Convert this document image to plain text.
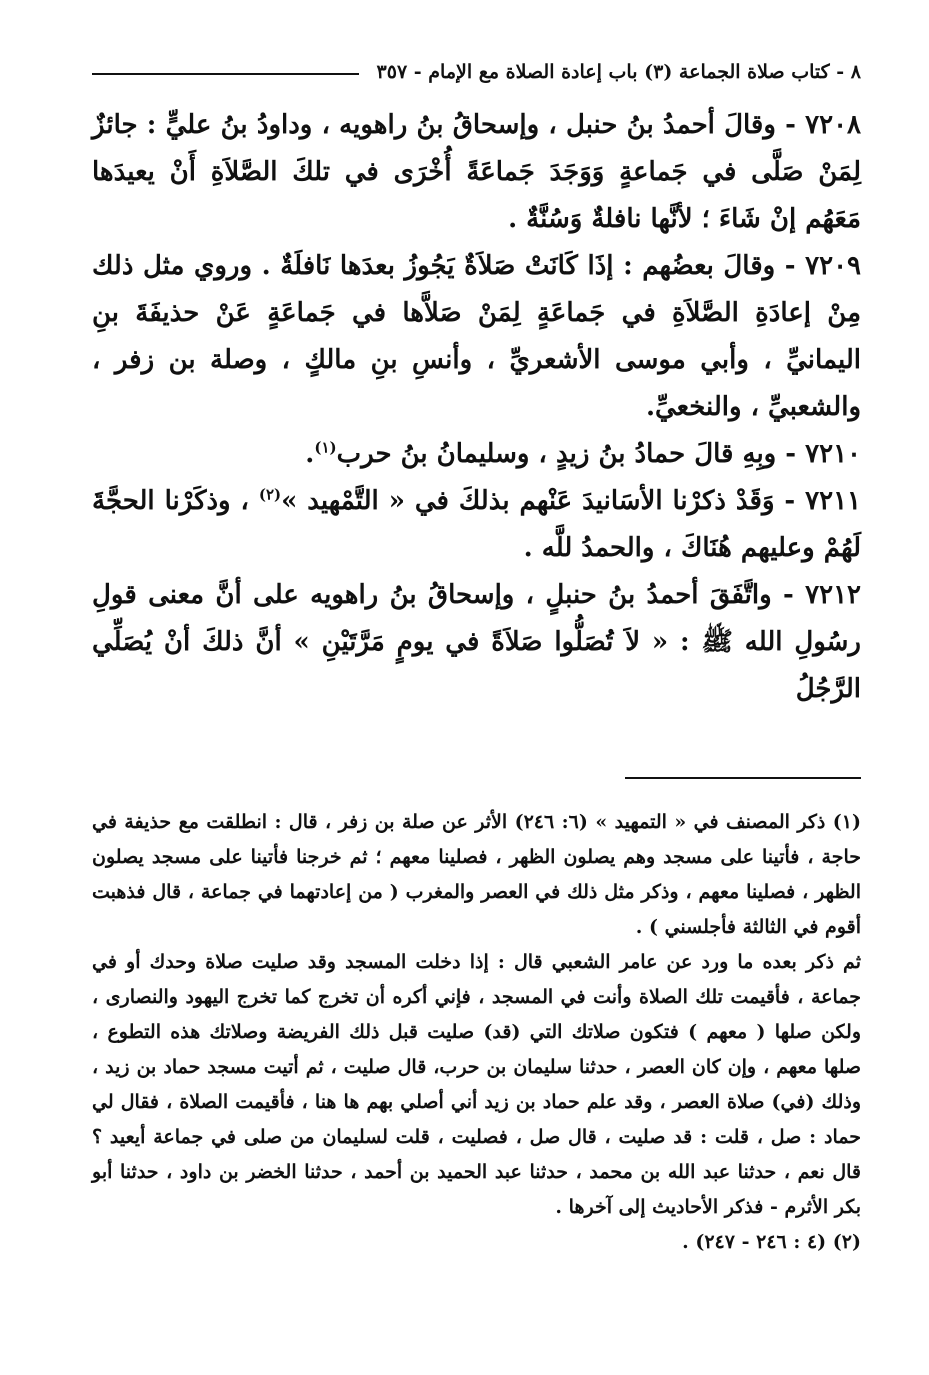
٨ - كتاب صلاة الجماعة (٣) باب إعادة الصلاة مع الإمام - ٣٥٧

٧٢٠٨ - وقالَ أحمدُ بنُ حنبل ، وإسحاقُ بنُ راهويه ، وداودُ بنُ عليٍّ : جائزٌ لِمَنْ صَلَّى في جَماعةٍ وَوَجَدَ جَماعَةً أُخْرَى في تلكَ الصَّلاَةِ أَنْ يعيدَها مَعَهُم إنْ شَاءَ ؛ لأنَّها نافلةٌ وَسُنَّةٌ .

٧٢٠٩ - وقالَ بعضُهم : إذَا كَانَتْ صَلاَةٌ يَجُوزُ بعدَها نَافلَةٌ . وروي مثل ذلك مِنْ إعادَةِ الصَّلاَةِ في جَماعَةٍ لِمَنْ صَلاَّها في جَماعَةٍ عَنْ حذيفَةَ بنِ اليمانيِّ ، وأبي موسى الأشعريِّ ، وأنسِ بنِ مالكٍ ، وصلة بن زفر ، والشعبيِّ ، والنخعيِّ.

٧٢١٠ - وبِهِ قالَ حمادُ بنُ زيدٍ ، وسليمانُ بنُ حرب$^{(١)}$.

٧٢١١ - وَقَدْ ذكرْنا الأسَانيدَ عَنْهم بذلكَ في « التَّمْهيد »$^{(٢)}$ ، وذكَرْنا الحجَّةَ لَهُمْ وعليهم هُنَاكَ ، والحمدُ للَّه .

٧٢١٢ - واتَّفَقَ أحمدُ بنُ حنبلٍ ، وإسحاقُ بنُ راهويه على أنَّ معنى قولِ رسُولِ الله ﷺ : « لاَ تُصَلُّوا صَلاَةً في يومٍ مَرَّتَيْنِ » أنَّ ذلكَ أنْ يُصَلِّي الرَّجُلُ

(١) ذكر المصنف في « التمهيد » (٦: ٢٤٦) الأثر عن صلة بن زفر ، قال : انطلقت مع حذيفة في حاجة ، فأتينا على مسجد وهم يصلون الظهر ، فصلينا معهم ؛ ثم خرجنا فأتينا على مسجد يصلون الظهر ، فصلينا معهم ، وذكر مثل ذلك في العصر والمغرب ( من إعادتهما في جماعة ، قال فذهبت أقوم في الثالثة فأجلسني ) .

ثم ذكر بعده ما ورد عن عامر الشعبي قال : إذا دخلت المسجد وقد صليت صلاة وحدك أو في جماعة ، فأقيمت تلك الصلاة وأنت في المسجد ، فإني أكره أن تخرج كما تخرج اليهود والنصارى ، ولكن صلها ( معهم ) فتكون صلاتك التي (قد) صليت قبل ذلك الفريضة وصلاتك هذه التطوع ، صلها معهم ، وإن كان العصر ، حدثنا سليمان بن حرب، قال صليت ، ثم أتيت مسجد حماد بن زيد ، وذلك (في) صلاة العصر ، وقد علم حماد بن زيد أني أصلي بهم ها هنا ، فأقيمت الصلاة ، فقال لي حماد : صل ، قلت : قد صليت ، قال صل ، فصليت ، قلت لسليمان من صلى في جماعة أيعيد ؟ قال نعم ، حدثنا عبد الله بن محمد ، حدثنا عبد الحميد بن أحمد ، حدثنا الخضر بن داود ، حدثنا أبو بكر الأثرم - فذكر الأحاديث إلى آخرها .

(٢) (٤ : ٢٤٦ - ٢٤٧) .
